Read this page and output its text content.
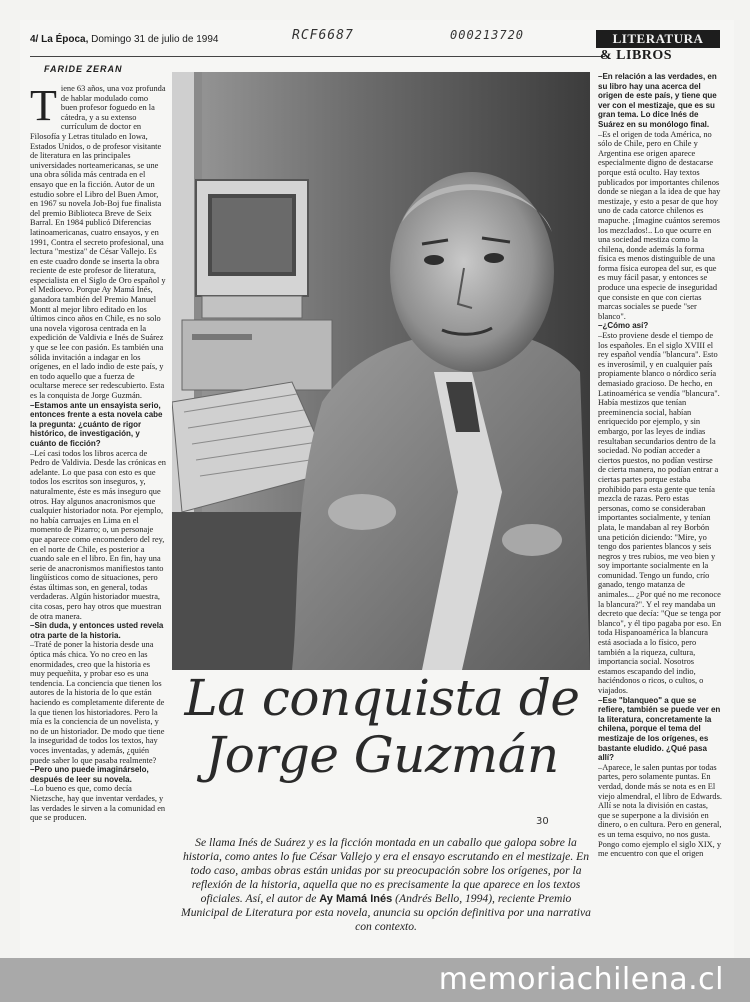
4/ La Época, Domingo 31 de julio de 1994	RCF6687	000213720	LITERATURA
& LIBROS
FARIDE ZERAN
T iene 63 años, una voz profunda de hablar modulado como buen profesor foguedo en la cátedra, y a su extenso currículum de doctor en Filosofía y Letras titulado en Iowa, Estados Unidos, o de profesor visitante de literatura en las principales universidades norteamericanas, se une una obra sólida más centrada en el ensayo que en la ficción. Autor de un estudio sobre el Libro del Buen Amor, en 1967 su novela Job-Boj fue finalista del premio Biblioteca Breve de Seix Barral. En 1984 publicó Diferencias latinoamericanas, cuatro ensayos, y en 1991, Contra el secreto profesional, una lectura "mestiza" de César Vallejo. Es en este cuadro donde se inserta la obra reciente de este profesor de literatura, especialista en el Siglo de Oro español y el Medioevo. Porque Ay Mamá Inés, ganadora también del Premio Manuel Montt al mejor libro editado en los últimos cinco años en Chile, es no solo una novela vigorosa centrada en la expedición de Valdivia e Inés de Suárez y que se lee con pasión. Es también una sólida invitación a indagar en los orígenes, en el lado indio de este país, y en todo aquello que a fuerza de ocultarse merece ser redescubierto. Esta es la conquista de Jorge Guzmán.

–Estamos ante un ensayista serio, entonces frente a esta novela cabe la pregunta: ¿cuánto de rigor histórico, de investigación, y cuánto de ficción?

–Leí casi todos los libros acerca de Pedro de Valdivia. Desde las crónicas en adelante. Lo que pasa con esto es que todos los escritos son inseguros, y, naturalmente, éste es más inseguro que otros. Hay algunos anacronismos que cualquier historiador nota. Por ejemplo, no había carruajes en Lima en el momento de Pizarro; o, un personaje que aparece como encomendero del rey, en el norte de Chile, es posterior a cuando sale en el libro. En fin, hay una serie de anacronismos manifiestos tanto lingüísticos como de situaciones, pero éstas últimas son, en general, todas verdaderas. Algún historiador muestra, cita cosas, pero hay otros que muestran de otra manera.

–Sin duda, y entonces usted revela otra parte de la historia.

–Traté de poner la historia desde una óptica más chica. Yo no creo en las enormidades, creo que la historia es muy pequeñita, y probar eso es una tendencia. La conciencia que tienen los autores de la historia de lo que están haciendo es completamente diferente de la que tienen los historiadores. Pero la mía es la conciencia de un novelista, y no de un historiador. De modo que tiene la inseguridad de todos los textos, hay voces inventadas, y además, ¿quién puede saber lo que pasaba realmente?

–Pero uno puede imaginárselo, después de leer su novela.

–Lo bueno es que, como decía Nietzsche, hay que inventar verdades, y las verdades le sirven a la comunidad en que se producen.

La conquista de
Jorge Guzmán
30
Se llama Inés de Suárez y es la ficción montada en un caballo que galopa sobre la historia, como antes lo fue César Vallejo y era el ensayo escrutando en el mestizaje. En todo caso, ambas obras están unidas por su preocupación sobre los orígenes, por la reflexión de la historia, aquella que no es precisamente la que aparece en los textos oficiales. Así, el autor de Ay Mamá Inés (Andrés Bello, 1994), reciente Premio Municipal de Literatura por esta novela, anuncia su opción definitiva por una narrativa con contexto.

–En relación a las verdades, en su libro hay una acerca del origen de este país, y tiene que ver con el mestizaje, que es su gran tema. Lo dice Inés de Suárez en su monólogo final.

–Es el origen de toda América, no sólo de Chile, pero en Chile y Argentina ese origen aparece especialmente digno de destacarse porque está oculto. Hay textos publicados por importantes chilenos donde se niegan a la idea de que hay mestizaje, y esto a pesar de que hoy uno de cada catorce chilenos es mapuche. ¡Imagine cuántos seremos los mezclados!.. Lo que ocurre en una sociedad mestiza como la chilena, donde además la forma física es menos distinguible de una forma física europea del sur, es que es muy fácil pasar, y entonces se produce una especie de inseguridad que consiste en que con ciertas marcas sociales se puede "ser blanco".

–¿Cómo así?

–Esto proviene desde el tiempo de los españoles. En el siglo XVIII el rey español vendía "blancura". Esto es inverosímil, y en cualquier país propiamente blanco o nórdico sería demasiado gracioso. De hecho, en Latinoamérica se vendía "blancura". Había mestizos que tenían preeminencia social, habían enriquecido por ejemplo, y sin embargo, por las leyes de indias resultaban secundarios dentro de la sociedad. No podían acceder a ciertos puestos, no podían vestirse de cierta manera, no podían entrar a ciertas partes porque estaba prohibido para esta gente que tenía mezcla de razas. Pero estas personas, como se consideraban importantes socialmente, y tenían plata, le mandaban al rey Borbón una petición diciendo: "Mire, yo tengo dos parientes blancos y seis negros y tres rubios, me veo bien y soy importante socialmente en la comunidad. Tengo un fundo, crío ganado, tengo matanza de animales... ¿Por qué no me reconoce la blancura?". Y el rey mandaba un decreto que decía: "Que se tenga por blanco", y él tipo pagaba por eso. En toda Hispanoamérica la blancura está asociada a lo físico, pero también a la riqueza, cultura, importancia social. Nosotros estamos escapando del indio, haciéndonos o ricos, o cultos, o viajados.

–Ese "blanqueo" a que se refiere, también se puede ver en la literatura, concretamente la chilena, porque el tema del mestizaje de los orígenes, es bastante eludido. ¿Qué pasa allí?

–Aparece, le salen puntas por todas partes, pero solamente puntas. En verdad, donde más se nota es en El viejo almendral, el libro de Edwards. Allí se nota la división en castas, que se superpone a la división en dinero, o en cultura. Pero en general, es un tema esquivo, no nos gusta. Pongo como ejemplo el siglo XIX, y me encuentro con que el origen

memoriachilena.cl
